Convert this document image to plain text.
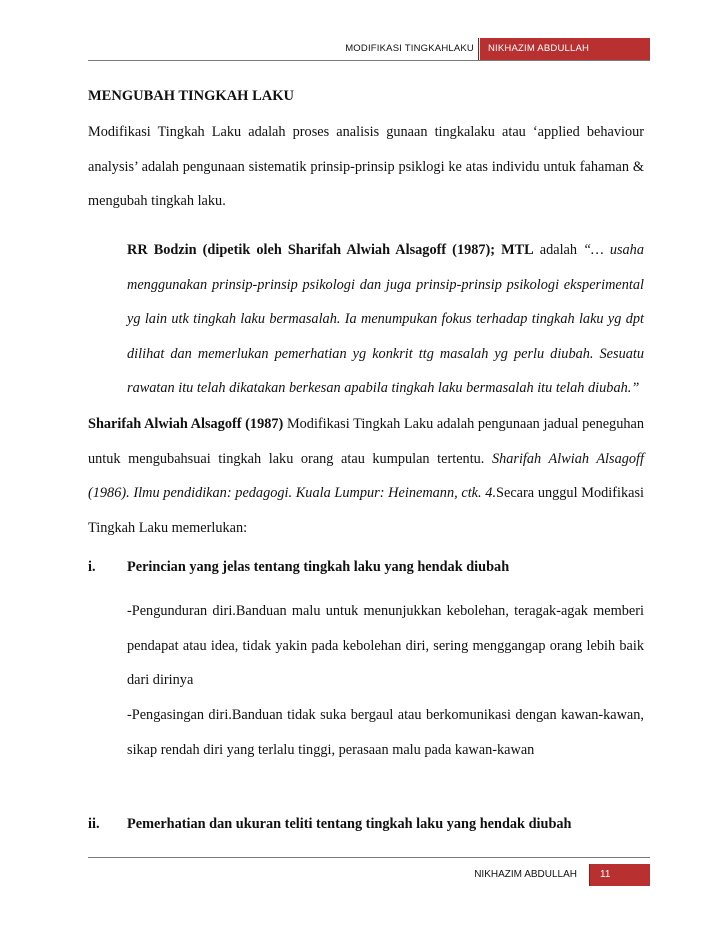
MODIFIKASI TINGKAHLAKU	NIKHAZIM ABDULLAH
MENGUBAH TINGKAH LAKU

Modifikasi Tingkah Laku adalah proses analisis gunaan tingkalaku atau ‘applied behaviour analysis’ adalah pengunaan sistematik prinsip-prinsip psiklogi ke atas individu untuk fahaman & mengubah tingkah laku.

RR Bodzin (dipetik oleh Sharifah Alwiah Alsagoff (1987); MTL adalah “… usaha menggunakan prinsip-prinsip psikologi dan juga prinsip-prinsip psikologi eksperimental yg lain utk tingkah laku bermasalah. Ia menumpukan fokus terhadap tingkah laku yg dpt dilihat dan memerlukan pemerhatian yg konkrit ttg masalah yg perlu diubah. Sesuatu rawatan itu telah dikatakan berkesan apabila tingkah laku bermasalah itu telah diubah.”

Sharifah Alwiah Alsagoff (1987) Modifikasi Tingkah Laku adalah pengunaan jadual peneguhan untuk mengubahsuai tingkah laku orang atau kumpulan tertentu. Sharifah Alwiah Alsagoff (1986). Ilmu pendidikan: pedagogi. Kuala Lumpur: Heinemann, ctk. 4.Secara unggul Modifikasi Tingkah Laku memerlukan:

i. Perincian yang jelas tentang tingkah laku yang hendak diubah

-Pengunduran diri.Banduan malu untuk menunjukkan kebolehan, teragak-agak memberi pendapat atau idea, tidak yakin pada kebolehan diri, sering menggangap orang lebih baik dari dirinya

-Pengasingan diri.Banduan tidak suka bergaul atau berkomunikasi dengan kawan-kawan, sikap rendah diri yang terlalu tinggi, perasaan malu pada kawan-kawan

ii. Pemerhatian dan ukuran teliti tentang tingkah laku yang hendak diubah
NIKHAZIM ABDULLAH	11
